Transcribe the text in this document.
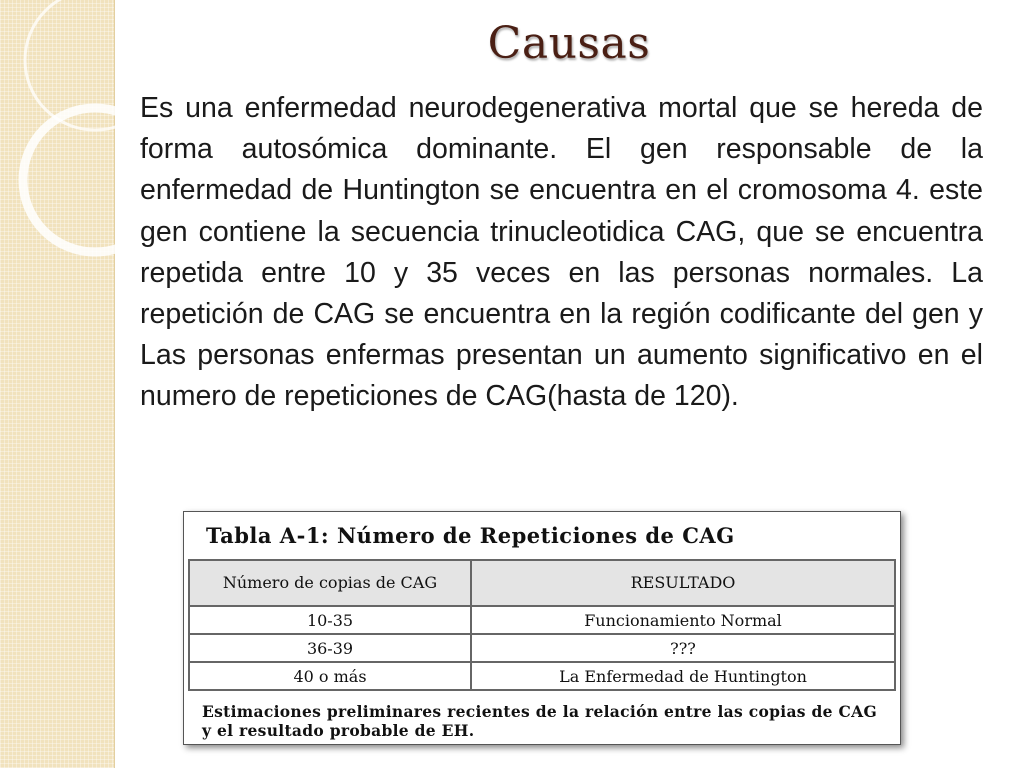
Causas
Es una enfermedad neurodegenerativa mortal que se hereda de forma autosómica dominante. El gen responsable de la enfermedad de Huntington se encuentra en el cromosoma 4. este gen contiene la secuencia trinucleotidica CAG, que se encuentra repetida entre 10 y 35 veces en las personas normales. La repetición de CAG se encuentra en la región codificante del gen y Las personas enfermas presentan un aumento significativo en el numero de repeticiones de CAG(hasta de 120).
Tabla A-1: Número de Repeticiones de CAG
Número de copias de CAG	RESULTADO
10-35	Funcionamiento Normal
36-39	???
40 o más	La Enfermedad de Huntington
Estimaciones preliminares recientes de la relación entre las copias de CAG y el resultado probable de EH.
